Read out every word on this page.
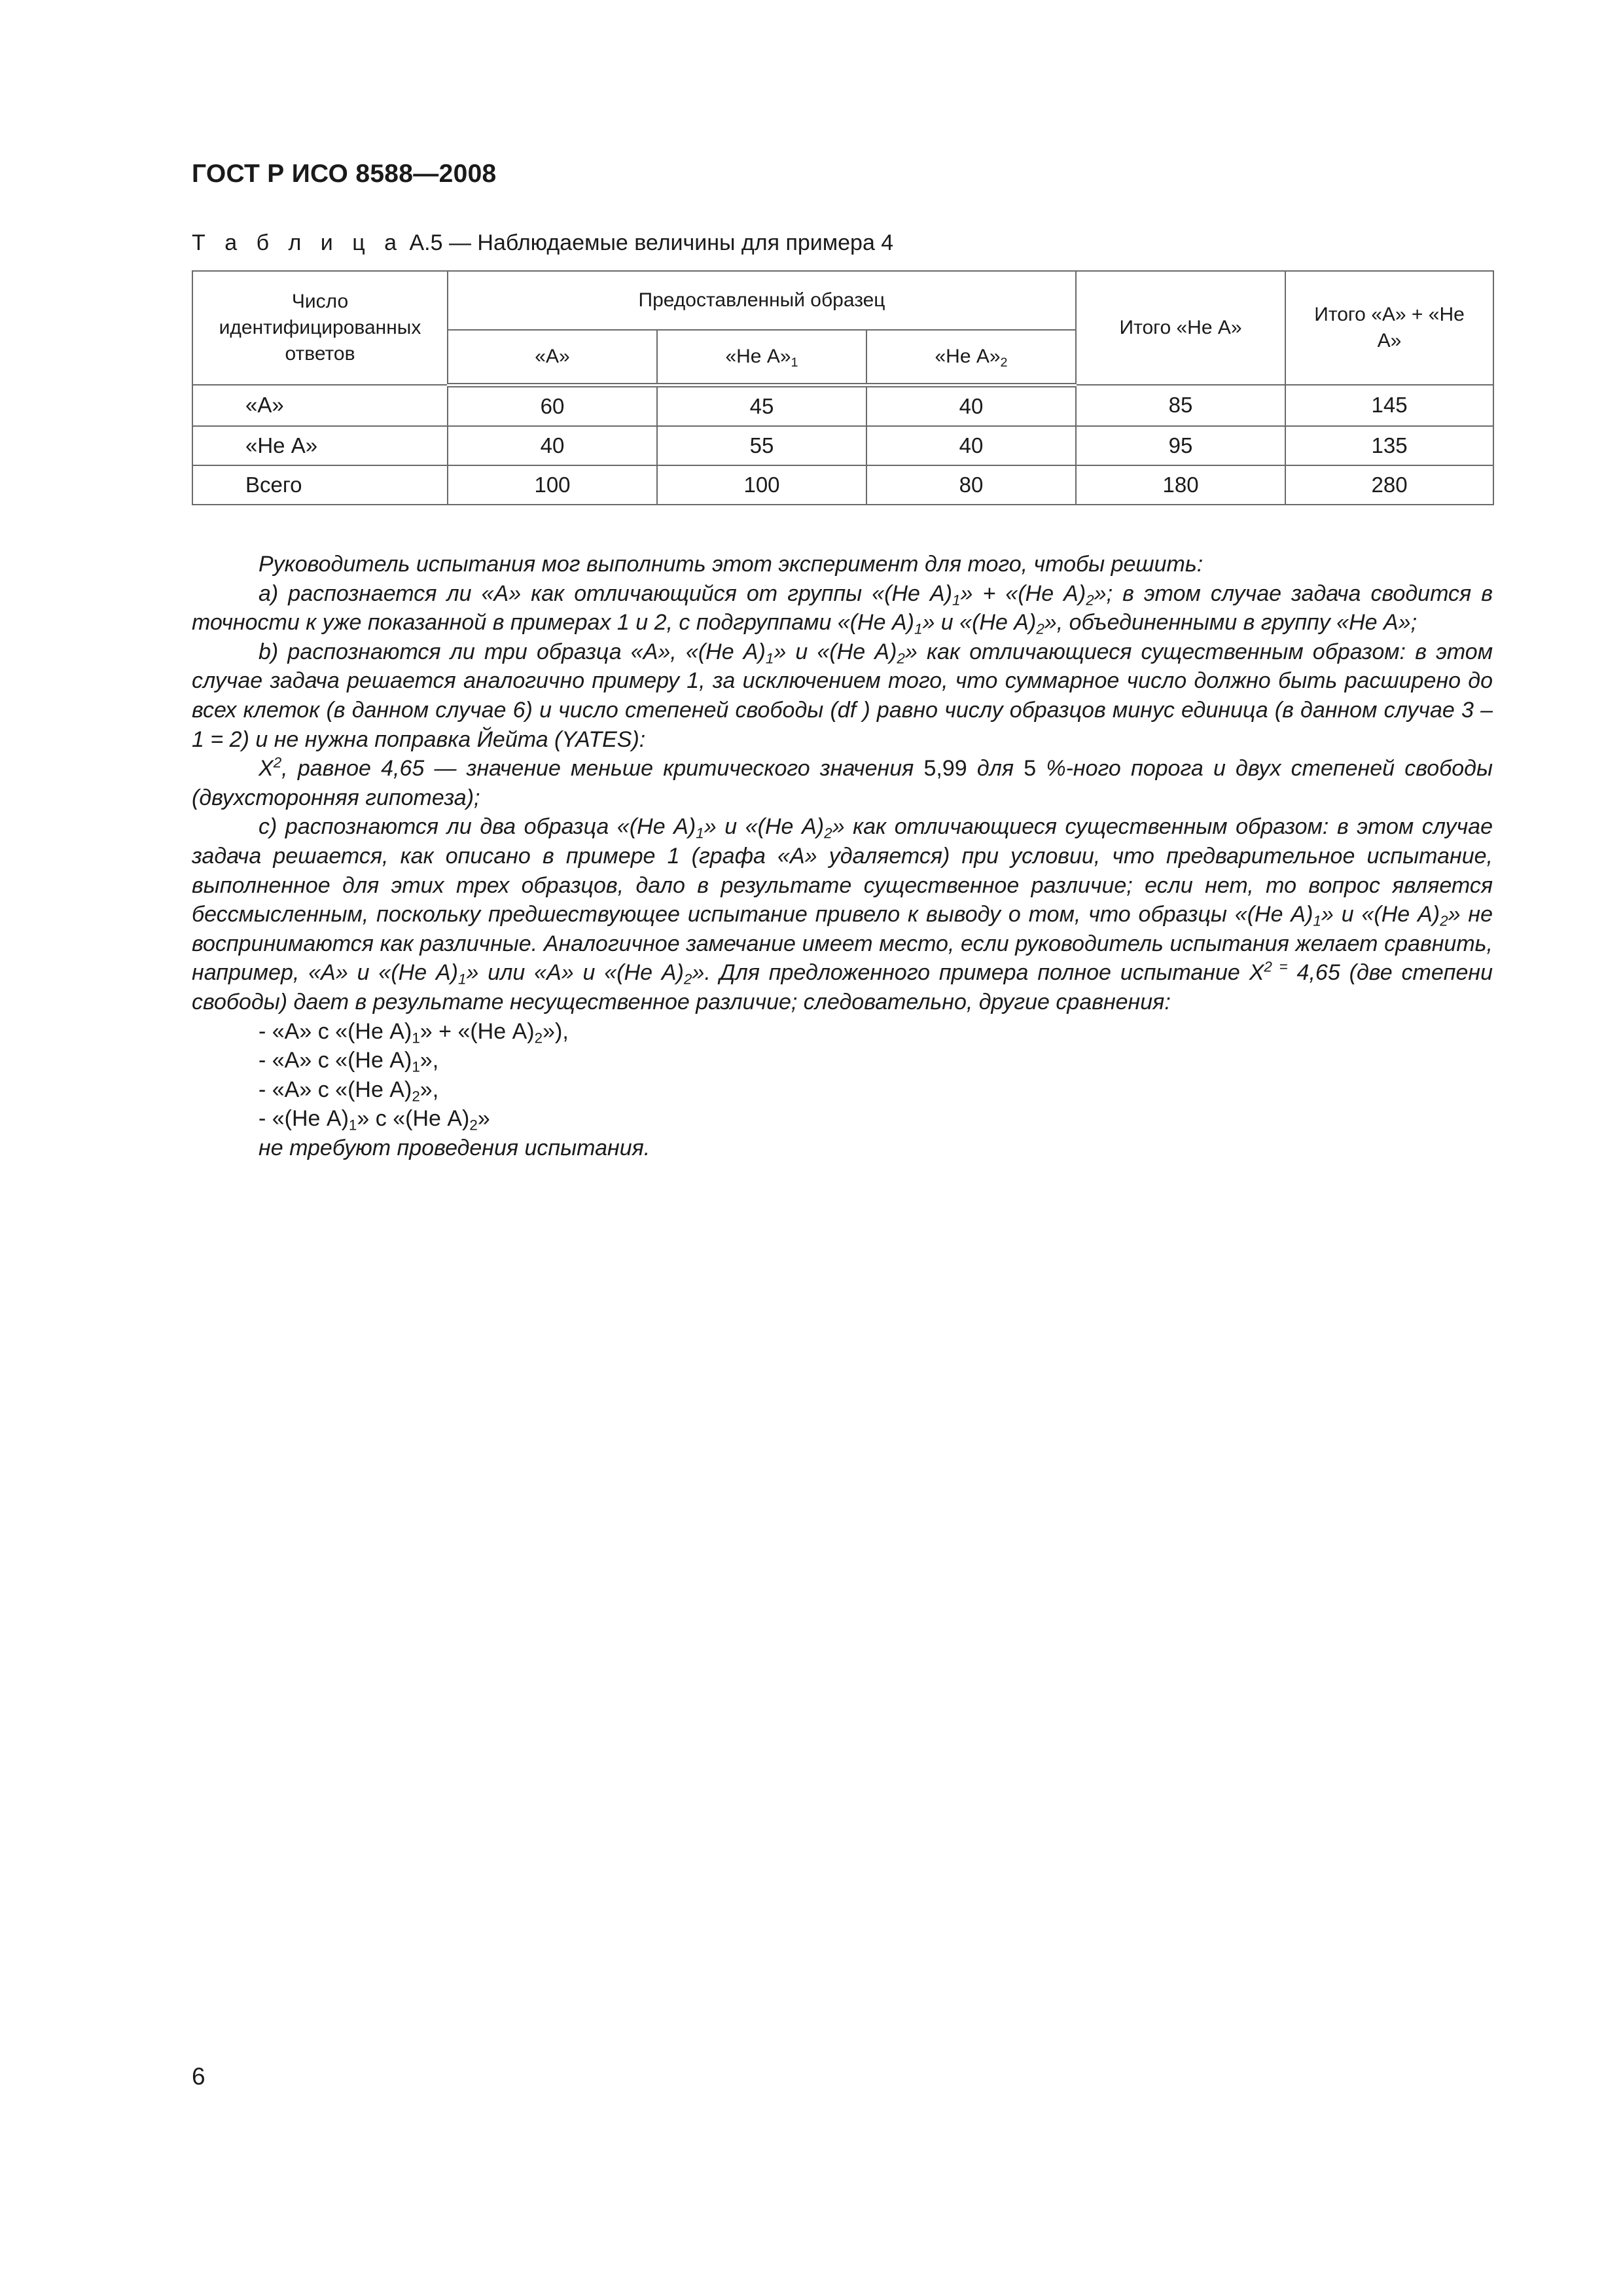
ГОСТ Р ИСО 8588—2008
Т а б л и ц а А.5 — Наблюдаемые величины для примера 4
Число идентифицированных ответов	Предоставленный образец			Итого «Не А»	Итого «А» + «Не А»
	«А»	«Не $А»_1$	«Не $А»_2$
«А»	60	45	40	85	145
«Не А»	40	55	40	95	135
Всего	100	100	80	180	280

Руководитель испытания мог выполнить этот эксперимент для того, чтобы решить:

а) распознается ли «А» как отличающийся от группы «(Не $А)_1$» + «(Не $А)_2$»; в этом случае задача сводится в точности к уже показанной в примерах 1 и 2, с подгруппами «(Не $А)_1$» и «(Не $А)_2$», объединенными в группу «Не А»;

b) распознаются ли три образца «А», «(Не $А)_1$» и «(Не $А)_2$» как отличающиеся существенным образом: в этом случае задача решается аналогично примеру 1, за исключением того, что суммарное число должно быть расширено до всех клеток (в данном случае 6) и число степеней свободы (df ) равно числу образцов минус единица (в данном случае 3 – 1 = 2) и не нужна поправка Йейта (YATES):

$X^2$, равное 4,65 — значение меньше критического значения 5,99 для 5 %-ного порога и двух степеней свободы (двухсторонняя гипотеза);

с) распознаются ли два образца «(Не $А)_1$» и «(Не $А)_2$» как отличающиеся существенным образом: в этом случае задача решается, как описано в примере 1 (графа «А» удаляется) при условии, что предварительное испытание, выполненное для этих трех образцов, дало в результате существенное различие; если нет, то вопрос является бессмысленным, поскольку предшествующее испытание привело к выводу о том, что образцы «(Не $А)_1$» и «(Не $А)_2$» не воспринимаются как различные. Аналогичное замечание имеет место, если руководитель испытания желает сравнить, например, «А» и «(Не $А)_1$» или «А» и «(Не $А)_2$». Для предложенного примера полное испытание $X^{2 =}$ 4,65 (две степени свободы) дает в результате несущественное различие; следовательно, другие сравнения:

- «А» с «(Не $А)_1$» + «(Не $А)_2$»),

- «А» с «(Не $А)_1$»,

- «А» с «(Не $А)_2$»,

- «(Не $А)_1$» с «(Не $А)_2$»

не требуют проведения испытания.

6
